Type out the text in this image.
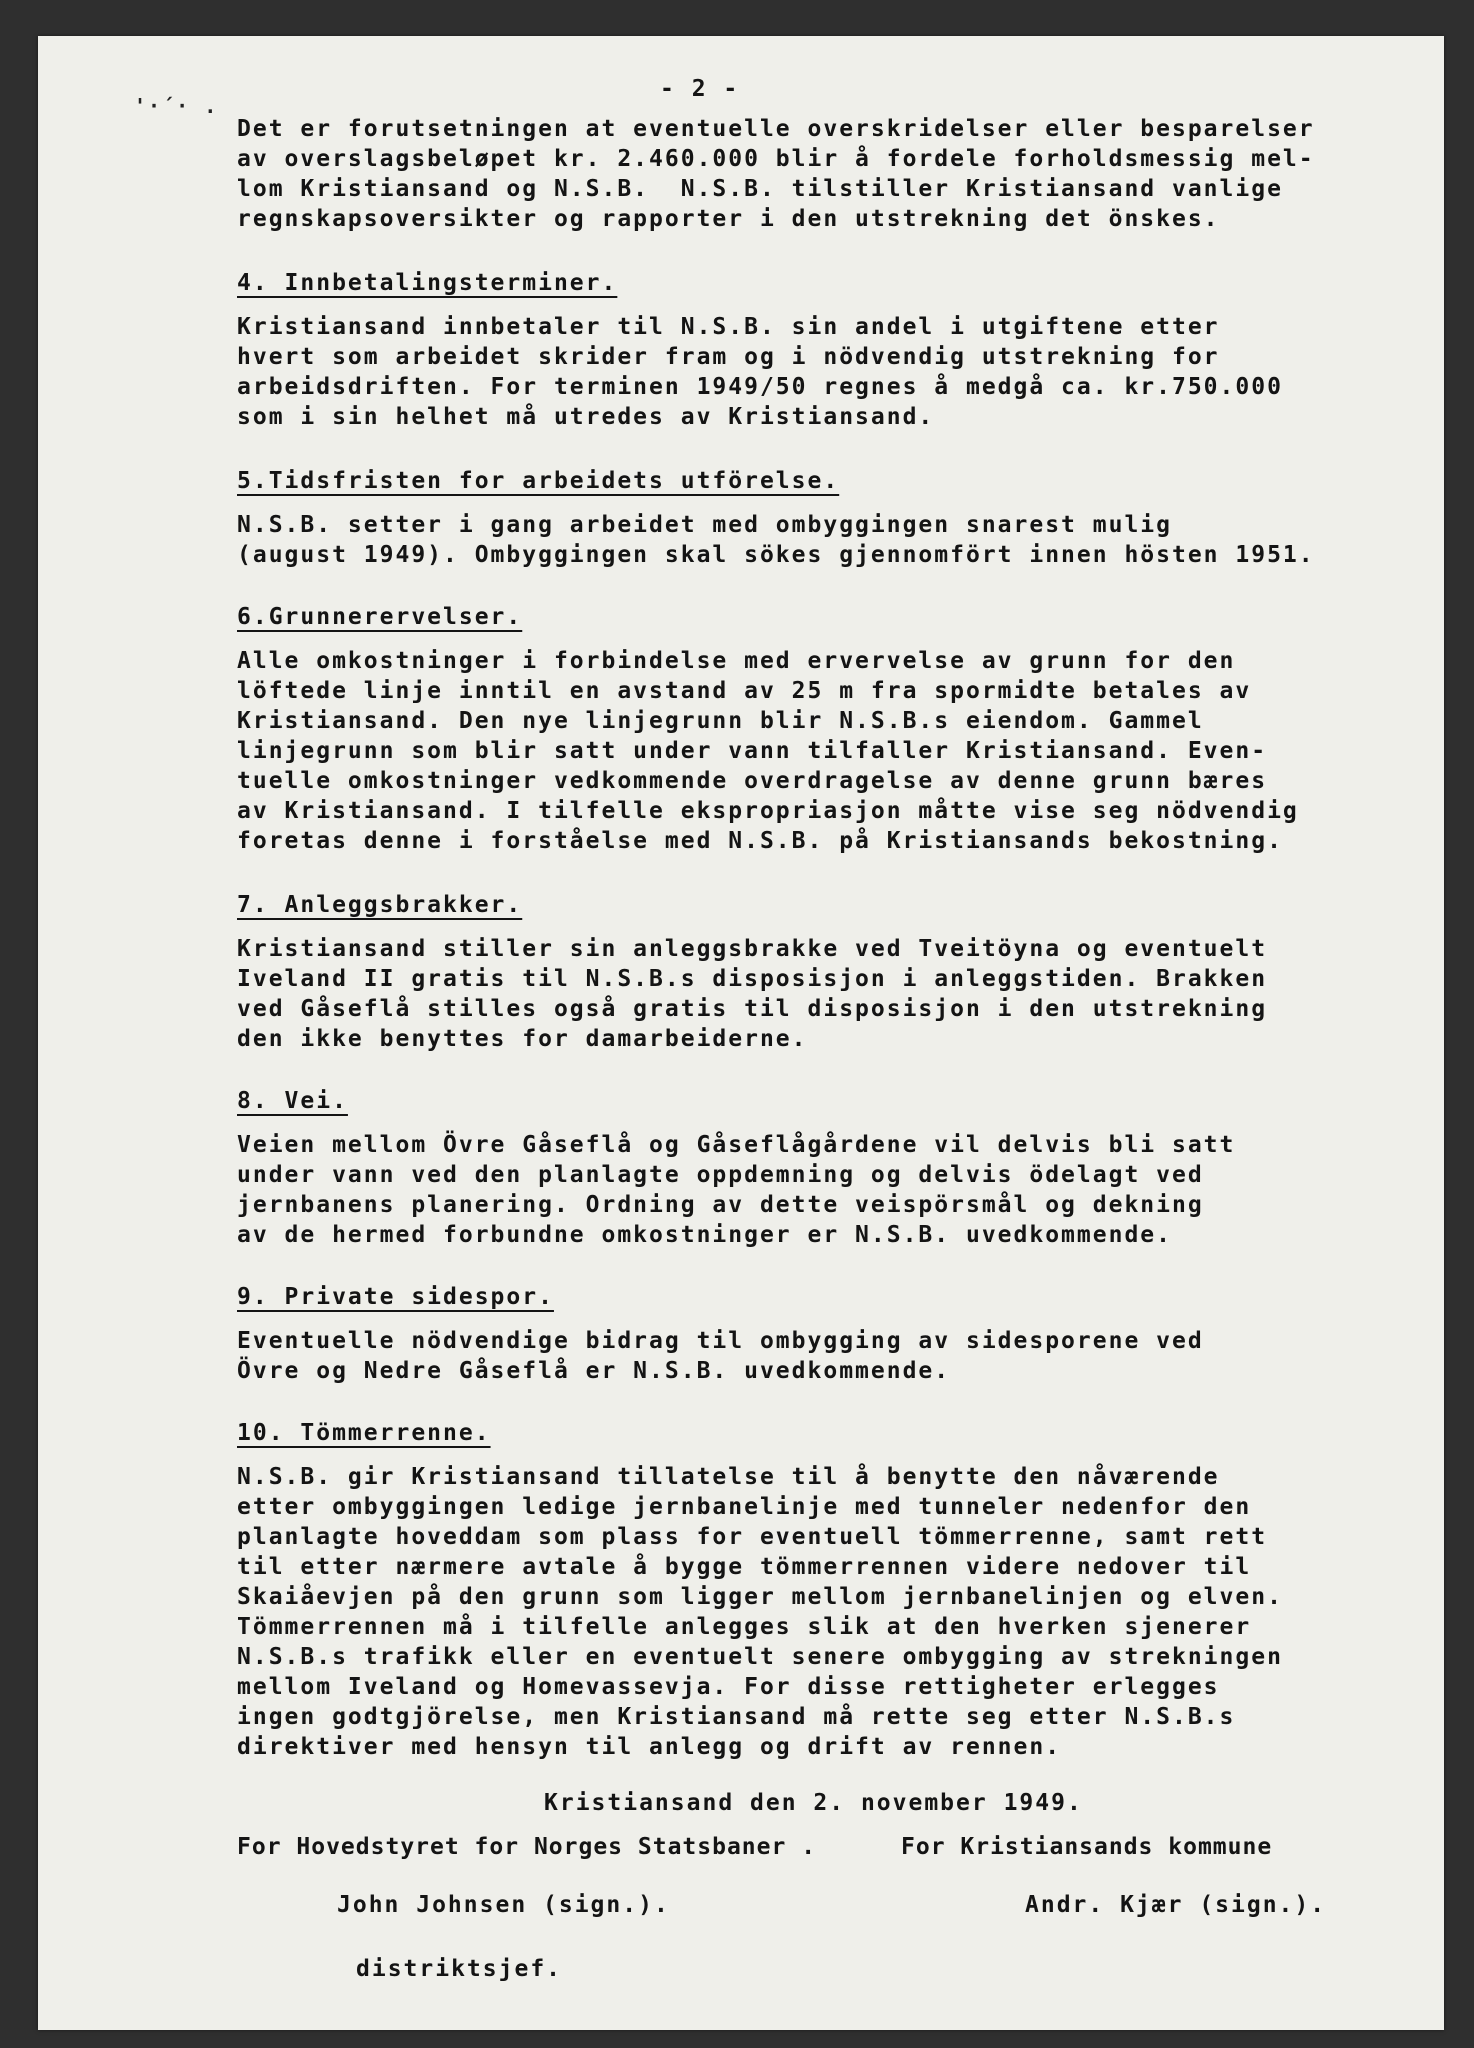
'·´· .
- 2 -
Det er forutsetningen at eventuelle overskridelser eller besparelser
av overslagsbeløpet kr. 2.460.000 blir å fordele forholdsmessig mel-
lom Kristiansand og N.S.B.  N.S.B. tilstiller Kristiansand vanlige
regnskapsoversikter og rapporter i den utstrekning det önskes.
4. Innbetalingsterminer.
Kristiansand innbetaler til N.S.B. sin andel i utgiftene etter
hvert som arbeidet skrider fram og i nödvendig utstrekning for
arbeidsdriften. For terminen 1949/50 regnes å medgå ca. kr.750.000
som i sin helhet må utredes av Kristiansand.
5.Tidsfristen for arbeidets utförelse.
N.S.B. setter i gang arbeidet med ombyggingen snarest mulig
(august 1949). Ombyggingen skal sökes gjennomfört innen hösten 1951.
6.Grunnerervelser.
Alle omkostninger i forbindelse med ervervelse av grunn for den
löftede linje inntil en avstand av 25 m fra spormidte betales av
Kristiansand. Den nye linjegrunn blir N.S.B.s eiendom. Gammel
linjegrunn som blir satt under vann tilfaller Kristiansand. Even-
tuelle omkostninger vedkommende overdragelse av denne grunn bæres
av Kristiansand. I tilfelle ekspropriasjon måtte vise seg nödvendig
foretas denne i forståelse med N.S.B. på Kristiansands bekostning.
7. Anleggsbrakker.
Kristiansand stiller sin anleggsbrakke ved Tveitöyna og eventuelt
Iveland II gratis til N.S.B.s disposisjon i anleggstiden. Brakken
ved Gåseflå stilles også gratis til disposisjon i den utstrekning
den ikke benyttes for damarbeiderne.
8. Vei.
Veien mellom Övre Gåseflå og Gåseflågårdene vil delvis bli satt
under vann ved den planlagte oppdemning og delvis ödelagt ved
jernbanens planering. Ordning av dette veispörsmål og dekning
av de hermed forbundne omkostninger er N.S.B. uvedkommende.
9. Private sidespor.
Eventuelle nödvendige bidrag til ombygging av sidesporene ved
Övre og Nedre Gåseflå er N.S.B. uvedkommende.
10. Tömmerrenne.
N.S.B. gir Kristiansand tillatelse til å benytte den nåværende
etter ombyggingen ledige jernbanelinje med tunneler nedenfor den
planlagte hoveddam som plass for eventuell tömmerrenne, samt rett
til etter nærmere avtale å bygge tömmerrennen videre nedover til
Skaiåevjen på den grunn som ligger mellom jernbanelinjen og elven.
Tömmerrennen må i tilfelle anlegges slik at den hverken sjenerer
N.S.B.s trafikk eller en eventuelt senere ombygging av strekningen
mellom Iveland og Homevassevja. For disse rettigheter erlegges
ingen godtgjörelse, men Kristiansand må rette seg etter N.S.B.s
direktiver med hensyn til anlegg og drift av rennen.
Kristiansand den 2. november 1949.
For Hovedstyret for Norges Statsbaner .	For Kristiansands kommune
John Johnsen (sign.).	Andr. Kjær (sign.).
distriktsjef.
